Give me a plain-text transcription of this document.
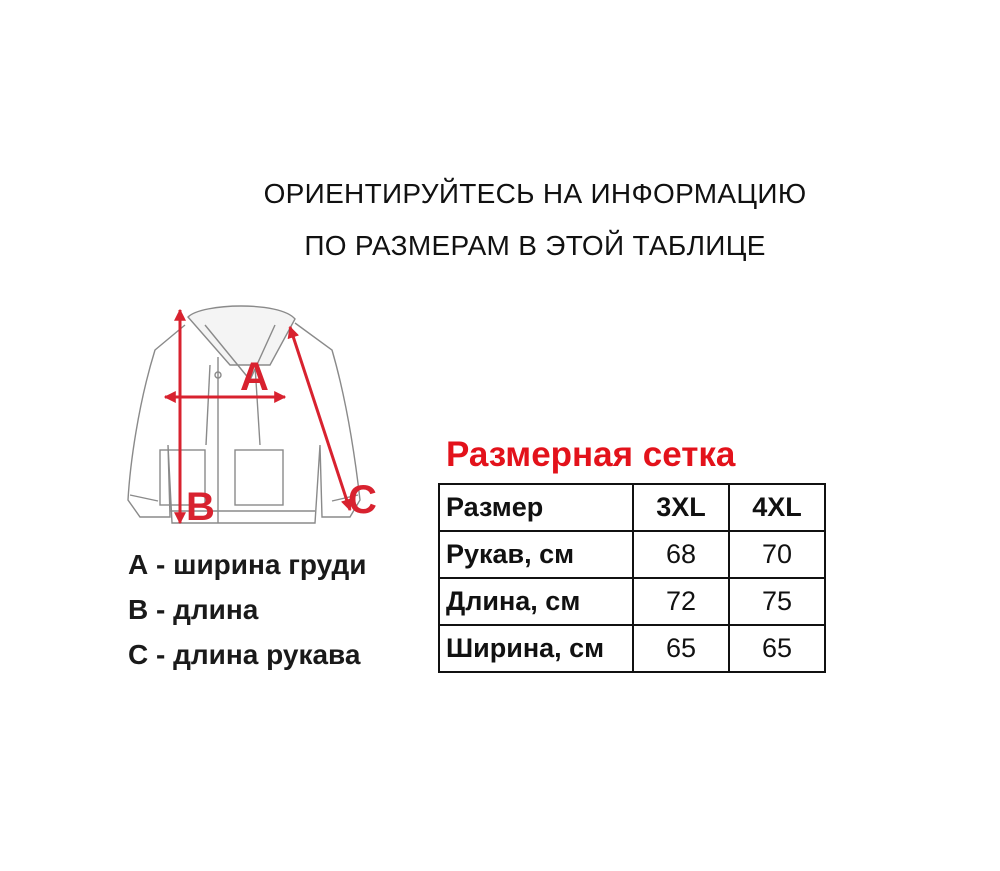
ОРИЕНТИРУЙТЕСЬ НА ИНФОРМАЦИЮ
ПО РАЗМЕРАМ В ЭТОЙ ТАБЛИЦЕ
A
B	C
А - ширина груди
В - длина
С - длина рукава
Размерная сетка
Размер	3XL	4XL
Рукав, см	68	70
Длина, см	72	75
Ширина, см	65	65
